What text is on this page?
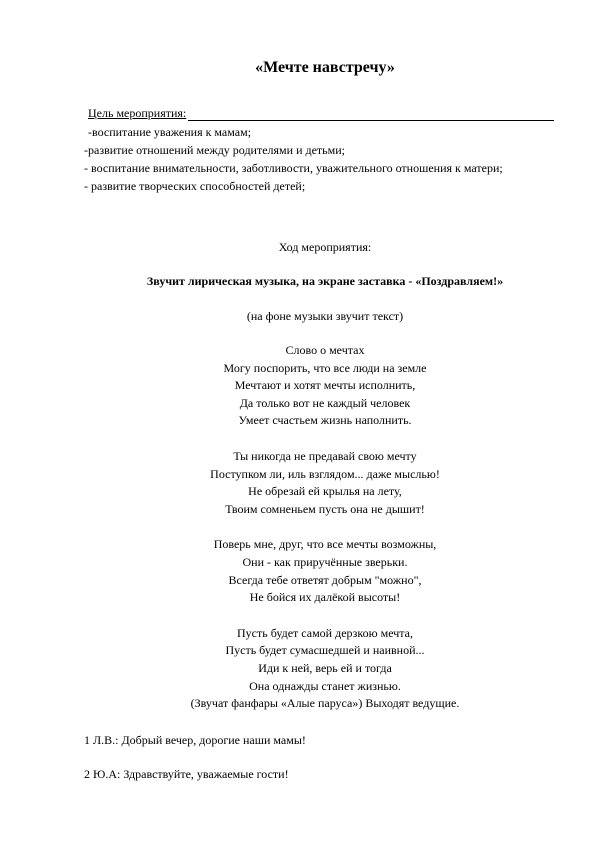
«Мечте навстречу»
Цель мероприятия:
-воспитание уважения к мамам;
-развитие отношений между родителями и детьми;
- воспитание внимательности, заботливости, уважительного отношения к матери;
- развитие творческих способностей детей;
Ход мероприятия:
Звучит лирическая музыка, на экране заставка - «Поздравляем!»
(на фоне музыки звучит текст)
Слово о мечтах
Могу поспорить, что все люди на земле
Мечтают и хотят мечты исполнить,
Да только вот не каждый человек
Умеет счастьем жизнь наполнить.
Ты никогда не предавай свою мечту
Поступком ли, иль взглядом... даже мыслью!
Не обрезай ей крылья на лету,
Твоим сомненьем пусть она не дышит!
Поверь мне, друг, что все мечты возможны,
Они - как приручённые зверьки.
Всегда тебе ответят добрым "можно",
Не бойся их далёкой высоты!
Пусть будет самой дерзкою мечта,
Пусть будет сумасшедшей и наивной...
Иди к ней, верь ей и тогда
Она однажды станет жизнью.
(Звучат фанфары «Алые паруса») Выходят ведущие.
1 Л.В.: Добрый вечер, дорогие наши мамы!
2 Ю.А: Здравствуйте, уважаемые гости!
